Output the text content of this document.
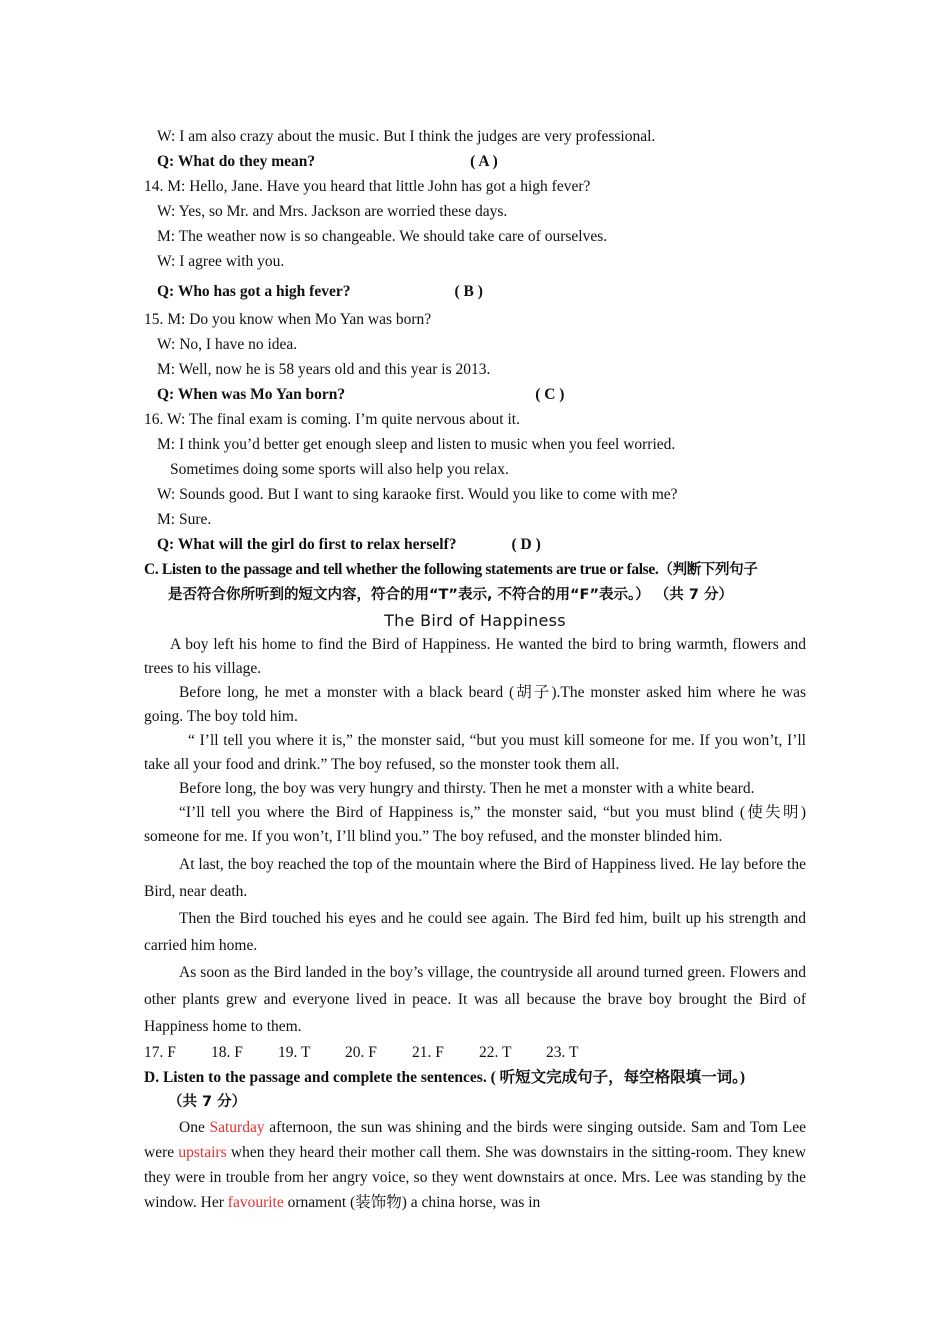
W: I am also crazy about the music. But I think the judges are very professional.
Q: What do they mean?	( A )
14. M: Hello, Jane. Have you heard that little John has got a high fever?
W: Yes, so Mr. and Mrs. Jackson are worried these days.
M: The weather now is so changeable. We should take care of ourselves.
W: I agree with you.
Q: Who has got a high fever?	( B )
15. M: Do you know when Mo Yan was born?
W: No, I have no idea.
M: Well, now he is 58 years old and this year is 2013.
Q: When was Mo Yan born?	( C )
16. W: The final exam is coming. I’m quite nervous about it.
M: I think you’d better get enough sleep and listen to music when you feel worried.
Sometimes doing some sports will also help you relax.
W: Sounds good. But I want to sing karaoke first. Would you like to come with me?
M: Sure.
Q: What will the girl do first to relax herself?	( D )
C. Listen to the passage and tell whether the following statements are true or false.（判断下列句子
是否符合你所听到的短文内容，符合的用“T”表示, 不符合的用“F”表示。） （共 7 分）
The Bird of Happiness
A boy left his home to find the Bird of Happiness. He wanted the bird to bring warmth, flowers and trees to his village.
Before long, he met a monster with a black beard (胡子).The monster asked him where he was going. The boy told him.
“ I’ll tell you where it is,” the monster said, “but you must kill someone for me. If you won’t, I’ll take all your food and drink.” The boy refused, so the monster took them all.
Before long, the boy was very hungry and thirsty. Then he met a monster with a white beard.
“I’ll tell you where the Bird of Happiness is,” the monster said, “but you must blind (使失明) someone for me. If you won’t, I’ll blind you.” The boy refused, and the monster blinded him.
At last, the boy reached the top of the mountain where the Bird of Happiness lived. He lay before the Bird, near death.
Then the Bird touched his eyes and he could see again. The Bird fed him, built up his strength and carried him home.
As soon as the Bird landed in the boy’s village, the countryside all around turned green. Flowers and other plants grew and everyone lived in peace. It was all because the brave boy brought the Bird of Happiness home to them.
17. F 18. F 19. T 20. F 21. F 22. T 23. T
D. Listen to the passage and complete the sentences. ( 听短文完成句子，每空格限填一词。)
（共 7 分）
One Saturday afternoon, the sun was shining and the birds were singing outside. Sam and Tom Lee were upstairs when they heard their mother call them. She was downstairs in the sitting-room. They knew they were in trouble from her angry voice, so they went downstairs at once. Mrs. Lee was standing by the window. Her favourite ornament (装饰物) a china horse, was in
